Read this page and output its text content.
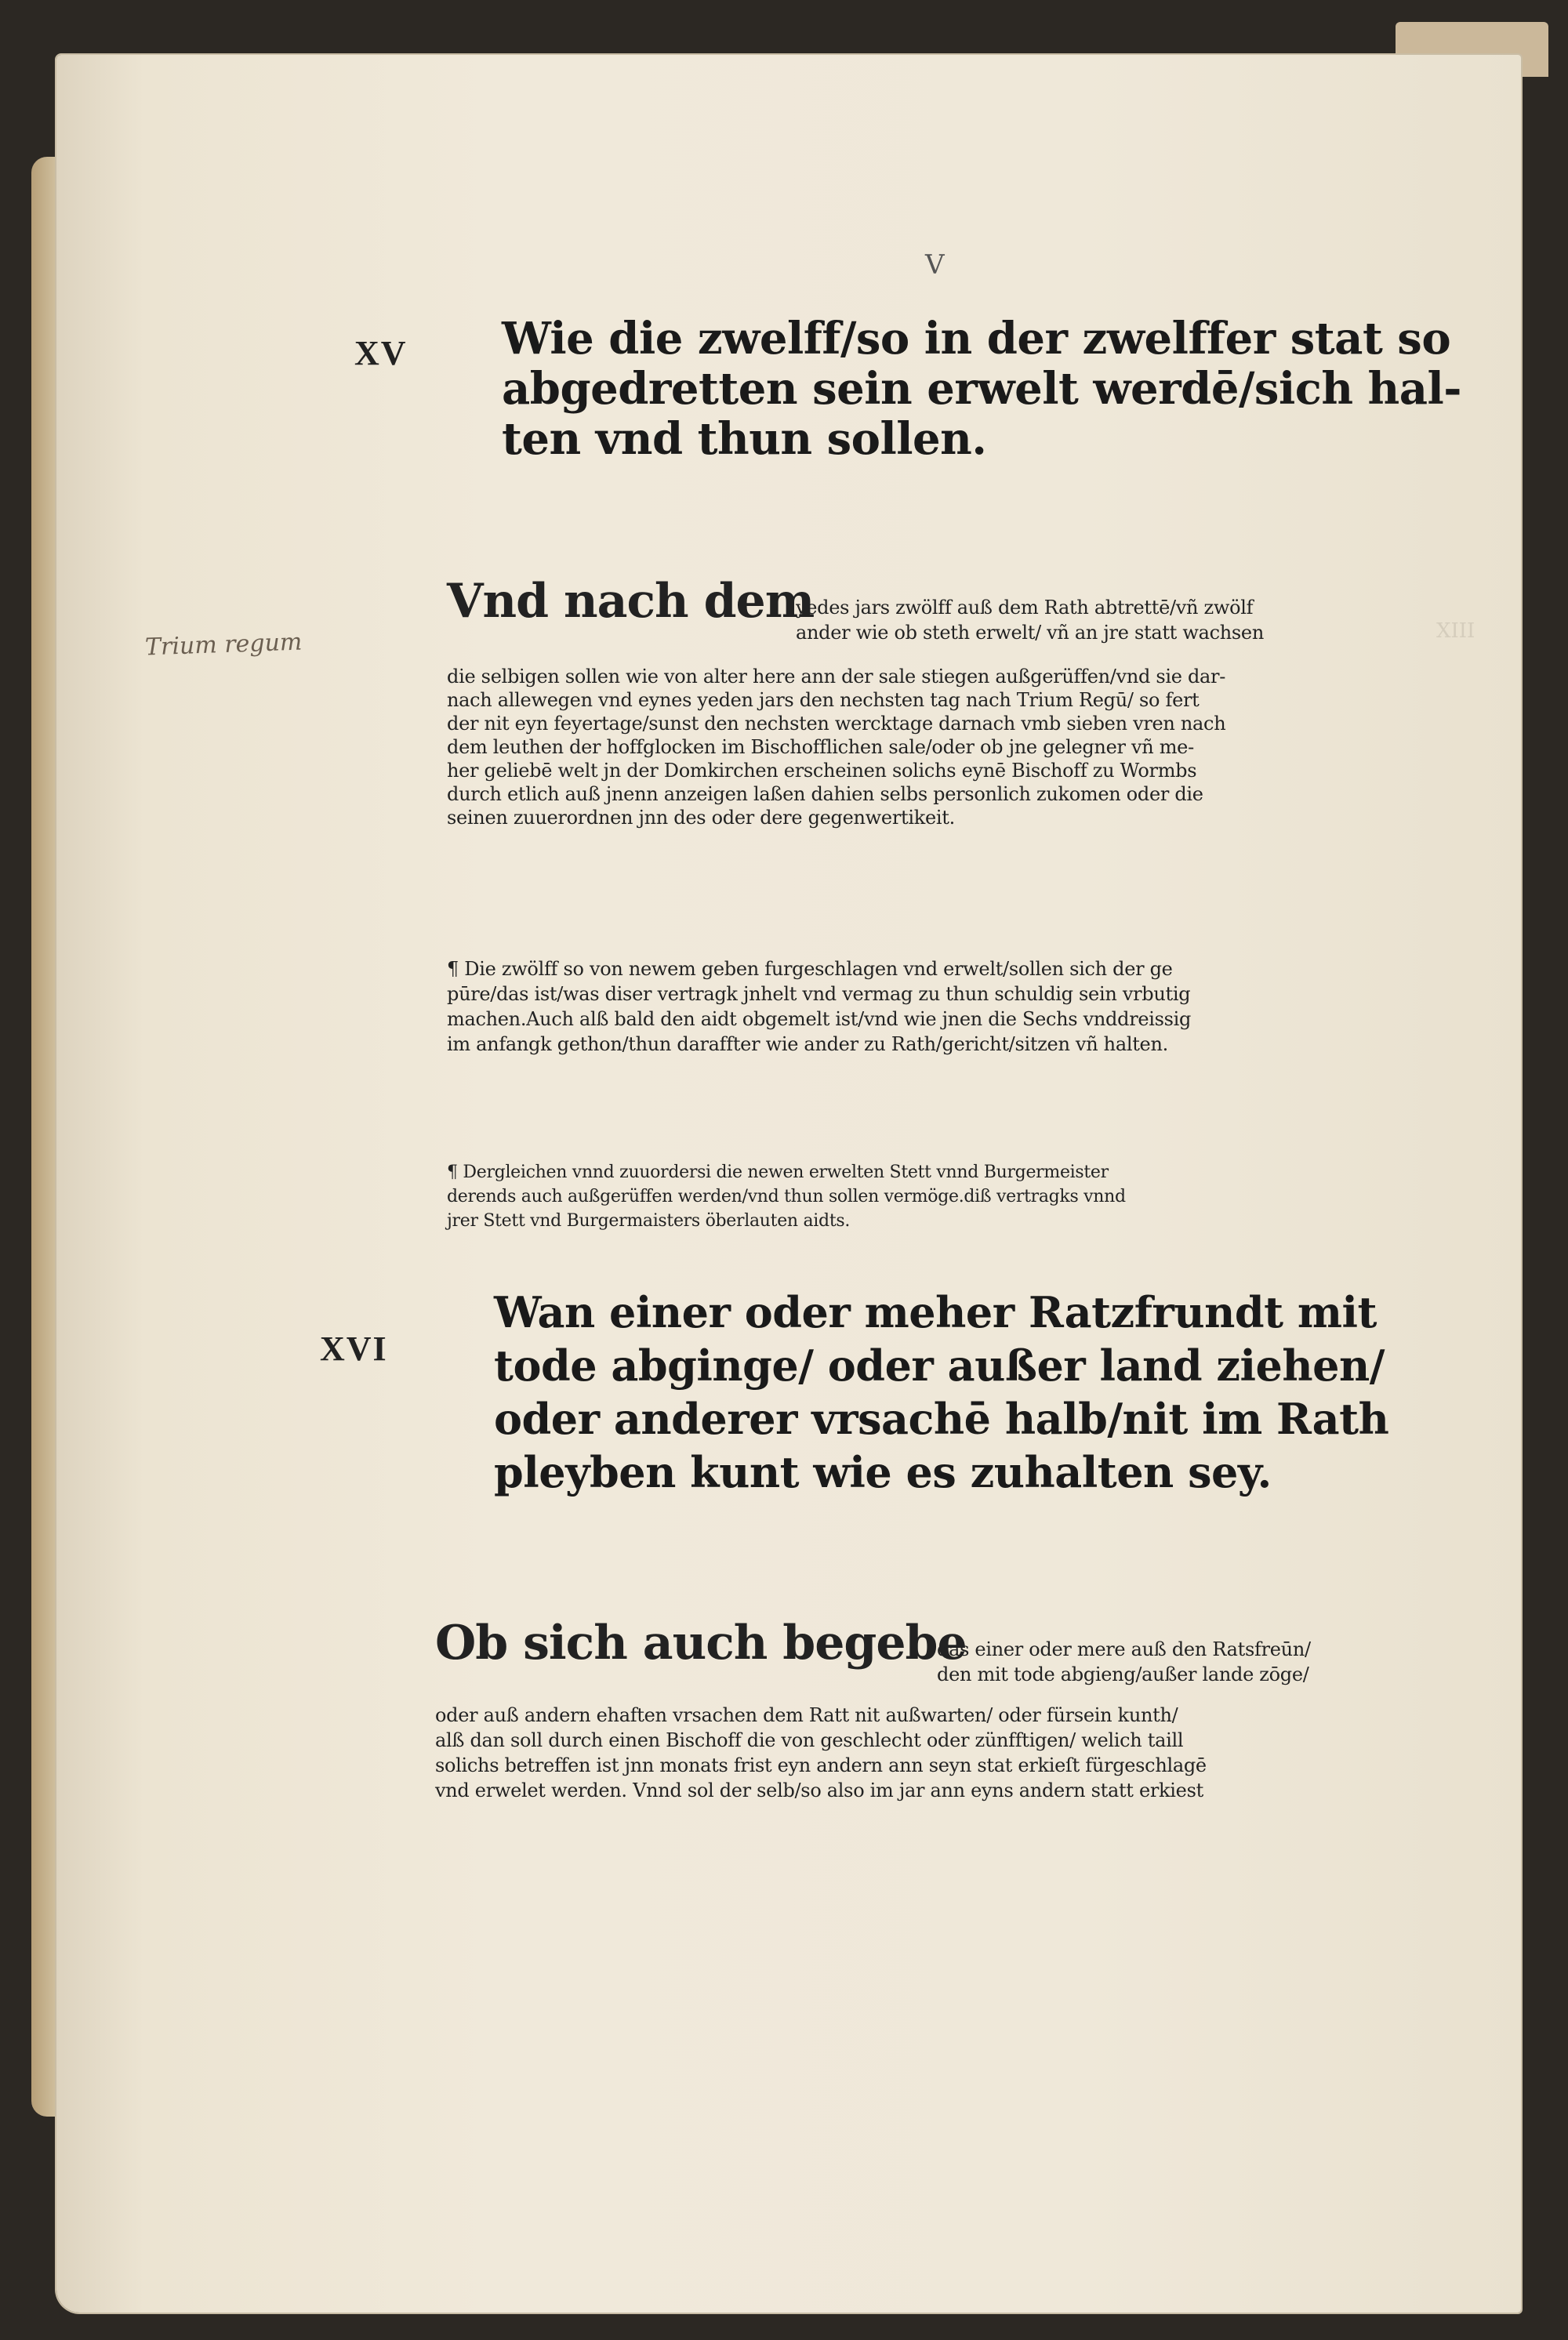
V
XIII
Trium regum
XV Wie die zwelff/so in der zwelffer stat so
abgedretten sein erwelt werdē/sich hal-
ten vnd thun sollen.
Vnd nach dem
yedes jars zwölff auß dem Rath abtrettē/vñ zwölf
ander wie ob steth erwelt/ vñ an jre statt wachsen
die selbigen sollen wie von alter here ann der sale stiegen außgerüffen/vnd sie dar-
nach allewegen vnd eynes yeden jars den nechsten tag nach Trium Regū/ so fert
der nit eyn feyertage/sunst den nechsten wercktage darnach vmb sieben vren nach
dem leuthen der hoffglocken im Bischofflichen sale/oder ob jne gelegner vñ me-
her geliebē welt jn der Domkirchen erscheinen solichs eynē Bischoff zu Wormbs
durch etlich auß jnenn anzeigen laßen dahien selbs personlich zukomen oder die
seinen zuuerordnen jnn des oder dere gegenwertikeit.
¶ Die zwölff so von newem geben furgeschlagen vnd erwelt/sollen sich der ge
pūre/das ist/was diser vertragk jnhelt vnd vermag zu thun schuldig sein vrbutig
machen.Auch alß bald den aidt obgemelt ist/vnd wie jnen die Sechs vnddreissig
im anfangk gethon/thun daraffter wie ander zu Rath/gericht/sitzen vñ halten.
¶ Dergleichen vnnd zuuordersi die newen erwelten Stett vnnd Burgermeister
derends auch außgerüffen werden/vnd thun sollen vermöge.diß vertragks vnnd
jrer Stett vnd Burgermaisters öberlauten aidts.
XVI
Wan einer oder meher Ratzfrundt mit
tode abginge/ oder außer land ziehen/
oder anderer vrsachē halb/nit im Rath
pleyben kunt wie es zuhalten sey.
Ob sich auch begebe
das einer oder mere auß den Ratsfreūn/
den mit tode abgieng/außer lande zōge/
oder auß andern ehaften vrsachen dem Ratt nit außwarten/ oder fürsein kunth/
alß dan soll durch einen Bischoff die von geschlecht oder zünfftigen/ welich taill
solichs betreffen ist jnn monats frist eyn andern ann seyn stat erkieſt fürgeschlagē
vnd erwelet werden. Vnnd sol der selb/so also im jar ann eyns andern statt erkiest
